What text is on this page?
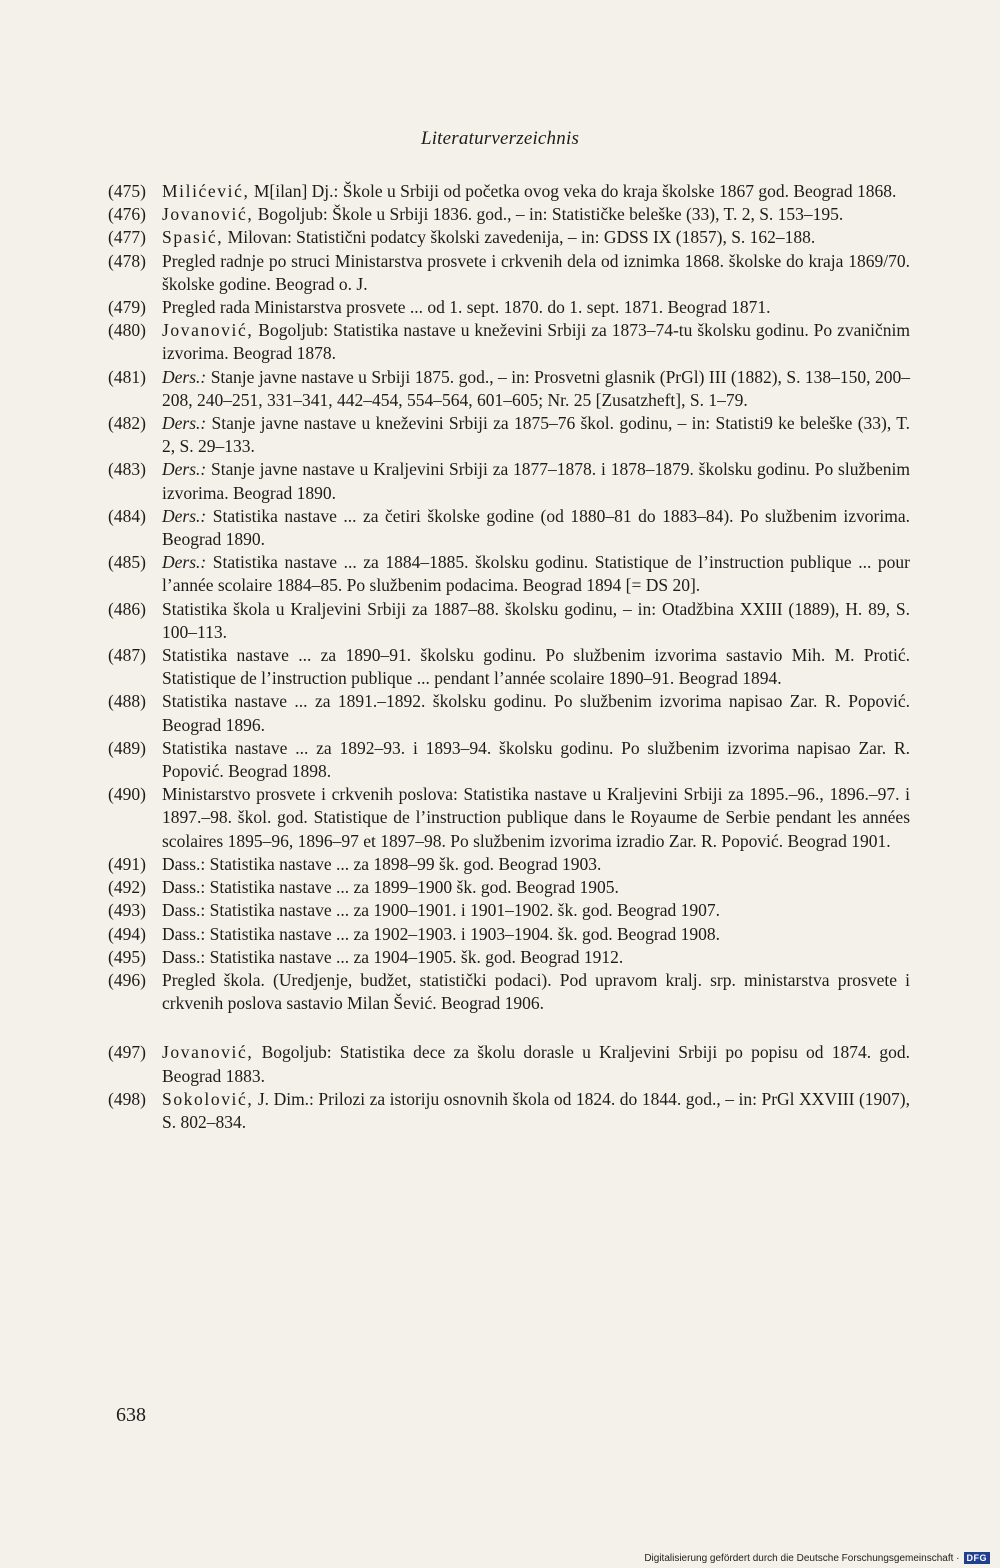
Literaturverzeichnis
(475) Milićević, M[ilan] Dj.: Škole u Srbiji od početka ovog veka do kraja školske 1867 god. Beograd 1868.
(476) Jovanović, Bogoljub: Škole u Srbiji 1836. god., – in: Statističke beleške (33), T. 2, S. 153–195.
(477) Spasić, Milovan: Statistični podatcy školski zavedenija, – in: GDSS IX (1857), S. 162–188.
(478) Pregled radnje po struci Ministarstva prosvete i crkvenih dela od iznimka 1868. školske do kraja 1869/70. školske godine. Beograd o. J.
(479) Pregled rada Ministarstva prosvete ... od 1. sept. 1870. do 1. sept. 1871. Beograd 1871.
(480) Jovanović, Bogoljub: Statistika nastave u kneževini Srbiji za 1873–74-tu školsku godinu. Po zvaničnim izvorima. Beograd 1878.
(481) Ders.: Stanje javne nastave u Srbiji 1875. god., – in: Prosvetni glasnik (PrGl) III (1882), S. 138–150, 200–208, 240–251, 331–341, 442–454, 554–564, 601–605; Nr. 25 [Zusatzheft], S. 1–79.
(482) Ders.: Stanje javne nastave u kneževini Srbiji za 1875–76 škol. godinu, – in: Statisti9 ke beleške (33), T. 2, S. 29–133.
(483) Ders.: Stanje javne nastave u Kraljevini Srbiji za 1877–1878. i 1878–1879. školsku godinu. Po službenim izvorima. Beograd 1890.
(484) Ders.: Statistika nastave ... za četiri školske godine (od 1880–81 do 1883–84). Po službenim izvorima. Beograd 1890.
(485) Ders.: Statistika nastave ... za 1884–1885. školsku godinu. Statistique de l’instruction publique ... pour l’année scolaire 1884–85. Po službenim podacima. Beograd 1894 [= DS 20].
(486) Statistika škola u Kraljevini Srbiji za 1887–88. školsku godinu, – in: Otadžbina XXIII (1889), H. 89, S. 100–113.
(487) Statistika nastave ... za 1890–91. školsku godinu. Po službenim izvorima sastavio Mih. M. Protić. Statistique de l’instruction publique ... pendant l’année scolaire 1890–91. Beograd 1894.
(488) Statistika nastave ... za 1891.–1892. školsku godinu. Po službenim izvorima napisao Zar. R. Popović. Beograd 1896.
(489) Statistika nastave ... za 1892–93. i 1893–94. školsku godinu. Po službenim izvorima napisao Zar. R. Popović. Beograd 1898.
(490) Ministarstvo prosvete i crkvenih poslova: Statistika nastave u Kraljevini Srbiji za 1895.–96., 1896.–97. i 1897.–98. škol. god. Statistique de l’instruction publique dans le Royaume de Serbie pendant les années scolaires 1895–96, 1896–97 et 1897–98. Po službenim izvorima izradio Zar. R. Popović. Beograd 1901.
(491) Dass.: Statistika nastave ... za 1898–99 šk. god. Beograd 1903.
(492) Dass.: Statistika nastave ... za 1899–1900 šk. god. Beograd 1905.
(493) Dass.: Statistika nastave ... za 1900–1901. i 1901–1902. šk. god. Beograd 1907.
(494) Dass.: Statistika nastave ... za 1902–1903. i 1903–1904. šk. god. Beograd 1908.
(495) Dass.: Statistika nastave ... za 1904–1905. šk. god. Beograd 1912.
(496) Pregled škola. (Uredjenje, budžet, statistički podaci). Pod upravom kralj. srp. ministarstva prosvete i crkvenih poslova sastavio Milan Šević. Beograd 1906.
(497) Jovanović, Bogoljub: Statistika dece za školu dorasle u Kraljevini Srbiji po popisu od 1874. god. Beograd 1883.
(498) Sokolović, J. Dim.: Prilozi za istoriju osnovnih škola od 1824. do 1844. god., – in: PrGl XXVIII (1907), S. 802–834.
638
Digitalisierung gefördert durch die Deutsche Forschungsgemeinschaft · DFG
